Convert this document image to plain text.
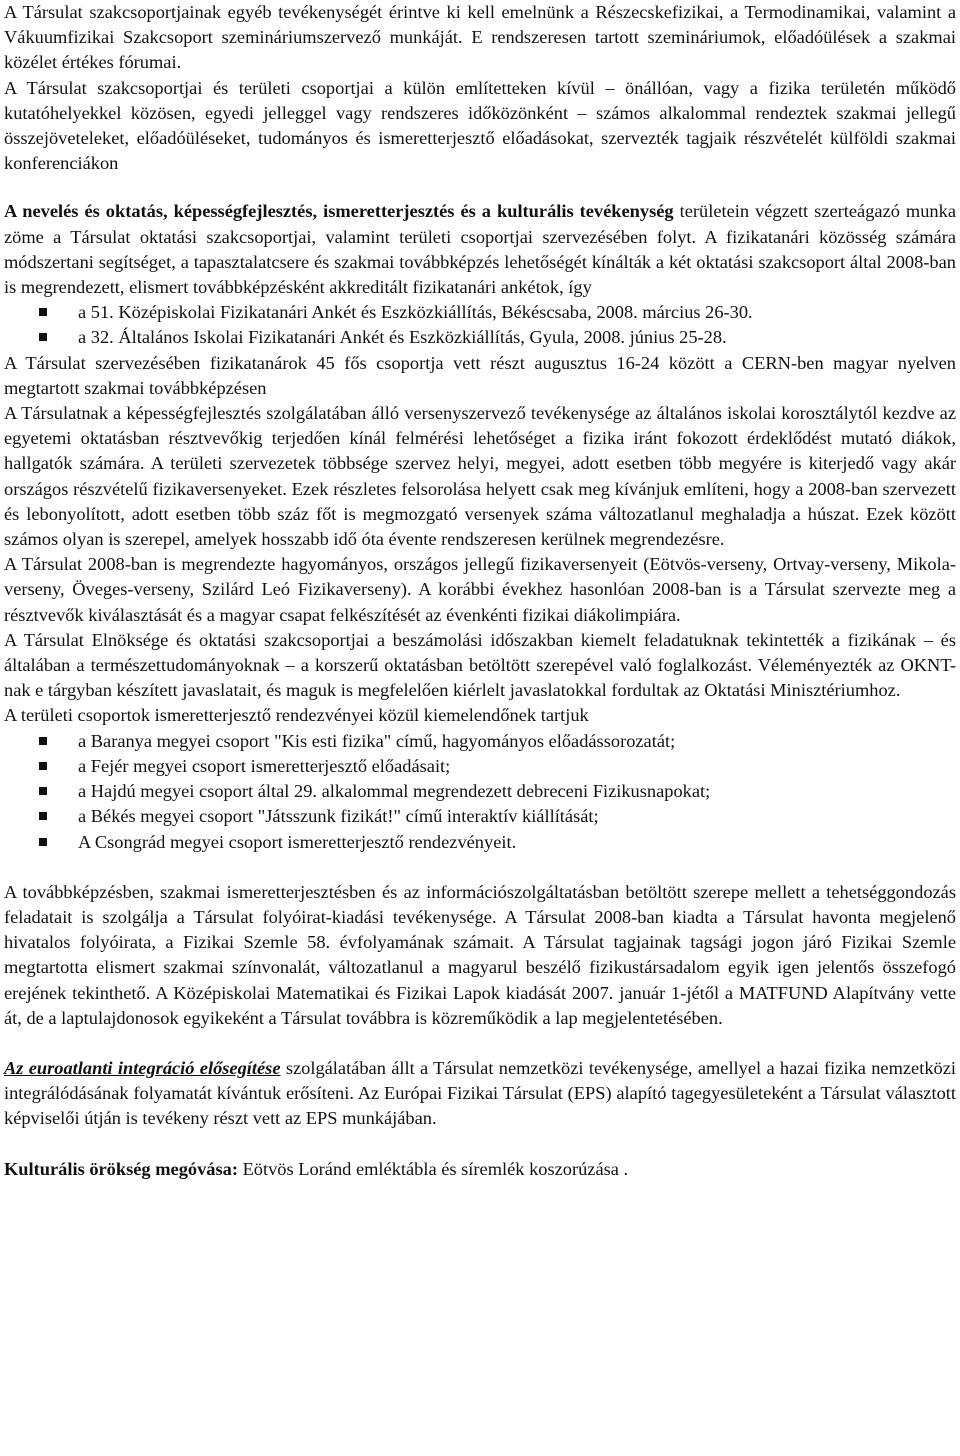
A Társulat szakcsoportjainak egyéb tevékenységét érintve ki kell emelnünk a Részecskefizikai, a Termodinamikai, valamint a Vákuumfizikai Szakcsoport szemináriumszervező munkáját. E rendszeresen tartott szemináriumok, előadóülések a szakmai közélet értékes fórumai.

A Társulat szakcsoportjai és területi csoportjai a külön említetteken kívül – önállóan, vagy a fizika területén működő kutatóhelyekkel közösen, egyedi jelleggel vagy rendszeres időközönként – számos alkalommal rendeztek szakmai jellegű összejöveteleket, előadóüléseket, tudományos és ismeretterjesztő előadásokat, szervezték tagjaik részvételét külföldi szakmai konferenciákon

A nevelés és oktatás, képességfejlesztés, ismeretterjesztés és a kulturális tevékenység területein végzett szerteágazó munka zöme a Társulat oktatási szakcsoportjai, valamint területi csoportjai szervezésében folyt. A fizikatanári közösség számára módszertani segítséget, a tapasztalatcsere és szakmai továbbképzés lehetőségét kínálták a két oktatási szakcsoport által 2008-ban is megrendezett, elismert továbbképzésként akkreditált fizikatanári ankétok, így

a 51. Középiskolai Fizikatanári Ankét és Eszközkiállítás, Békéscsaba, 2008. március 26-30.
a 32. Általános Iskolai Fizikatanári Ankét és Eszközkiállítás, Gyula, 2008. június 25-28.

A Társulat szervezésében fizikatanárok 45 fős csoportja vett részt augusztus 16-24 között a CERN-ben magyar nyelven megtartott szakmai továbbképzésen

A Társulatnak a képességfejlesztés szolgálatában álló versenyszervező tevékenysége az általános iskolai korosztálytól kezdve az egyetemi oktatásban résztvevőkig terjedően kínál felmérési lehetőséget a fizika iránt fokozott érdeklődést mutató diákok, hallgatók számára. A területi szervezetek többsége szervez helyi, megyei, adott esetben több megyére is kiterjedő vagy akár országos részvételű fizikaversenyeket. Ezek részletes felsorolása helyett csak meg kívánjuk említeni, hogy a 2008-ban szervezett és lebonyolított, adott esetben több száz főt is megmozgató versenyek száma változatlanul meghaladja a húszat. Ezek között számos olyan is szerepel, amelyek hosszabb idő óta évente rendszeresen kerülnek megrendezésre.

A Társulat 2008-ban is megrendezte hagyományos, országos jellegű fizikaversenyeit (Eötvös-verseny, Ortvay-verseny, Mikola-verseny, Öveges-verseny, Szilárd Leó Fizikaverseny). A korábbi évekhez hasonlóan 2008-ban is a Társulat szervezte meg a résztvevők kiválasztását és a magyar csapat felkészítését az évenkénti fizikai diákolimpiára.

A Társulat Elnöksége és oktatási szakcsoportjai a beszámolási időszakban kiemelt feladatuknak tekintették a fizikának – és általában a természettudományoknak – a korszerű oktatásban betöltött szerepével való foglalkozást. Véleményezték az OKNT-nak e tárgyban készített javaslatait, és maguk is megfelelően kiérlelt javaslatokkal fordultak az Oktatási Minisztériumhoz.

A területi csoportok ismeretterjesztő rendezvényei közül kiemelendőnek tartjuk

a Baranya megyei csoport "Kis esti fizika" című, hagyományos előadássorozatát;
a Fejér megyei csoport ismeretterjesztő előadásait;
a Hajdú megyei csoport által 29. alkalommal megrendezett debreceni Fizikusnapokat;
a Békés megyei csoport "Játsszunk fizikát!" című interaktív kiállítását;
A Csongrád megyei csoport ismeretterjesztő rendezvényeit.

A továbbképzésben, szakmai ismeretterjesztésben és az információszolgáltatásban betöltött szerepe mellett a tehetséggondozás feladatait is szolgálja a Társulat folyóirat-kiadási tevékenysége. A Társulat 2008-ban kiadta a Társulat havonta megjelenő hivatalos folyóirata, a Fizikai Szemle 58. évfolyamának számait. A Társulat tagjainak tagsági jogon járó Fizikai Szemle megtartotta elismert szakmai színvonalát, változatlanul a magyarul beszélő fizikustársadalom egyik igen jelentős összefogó erejének tekinthető. A Középiskolai Matematikai és Fizikai Lapok kiadását 2007. január 1-jétől a MATFUND Alapítvány vette át, de a laptulajdonosok egyikeként a Társulat továbbra is közreműködik a lap megjelentetésében.

Az euroatlanti integráció elősegítése szolgálatában állt a Társulat nemzetközi tevékenysége, amellyel a hazai fizika nemzetközi integrálódásának folyamatát kívántuk erősíteni. Az Európai Fizikai Társulat (EPS) alapító tagegyesületeként a Társulat választott képviselői útján is tevékeny részt vett az EPS munkájában.

Kulturális örökség megóvása: Eötvös Loránd emléktábla és síremlék koszorúzása .
